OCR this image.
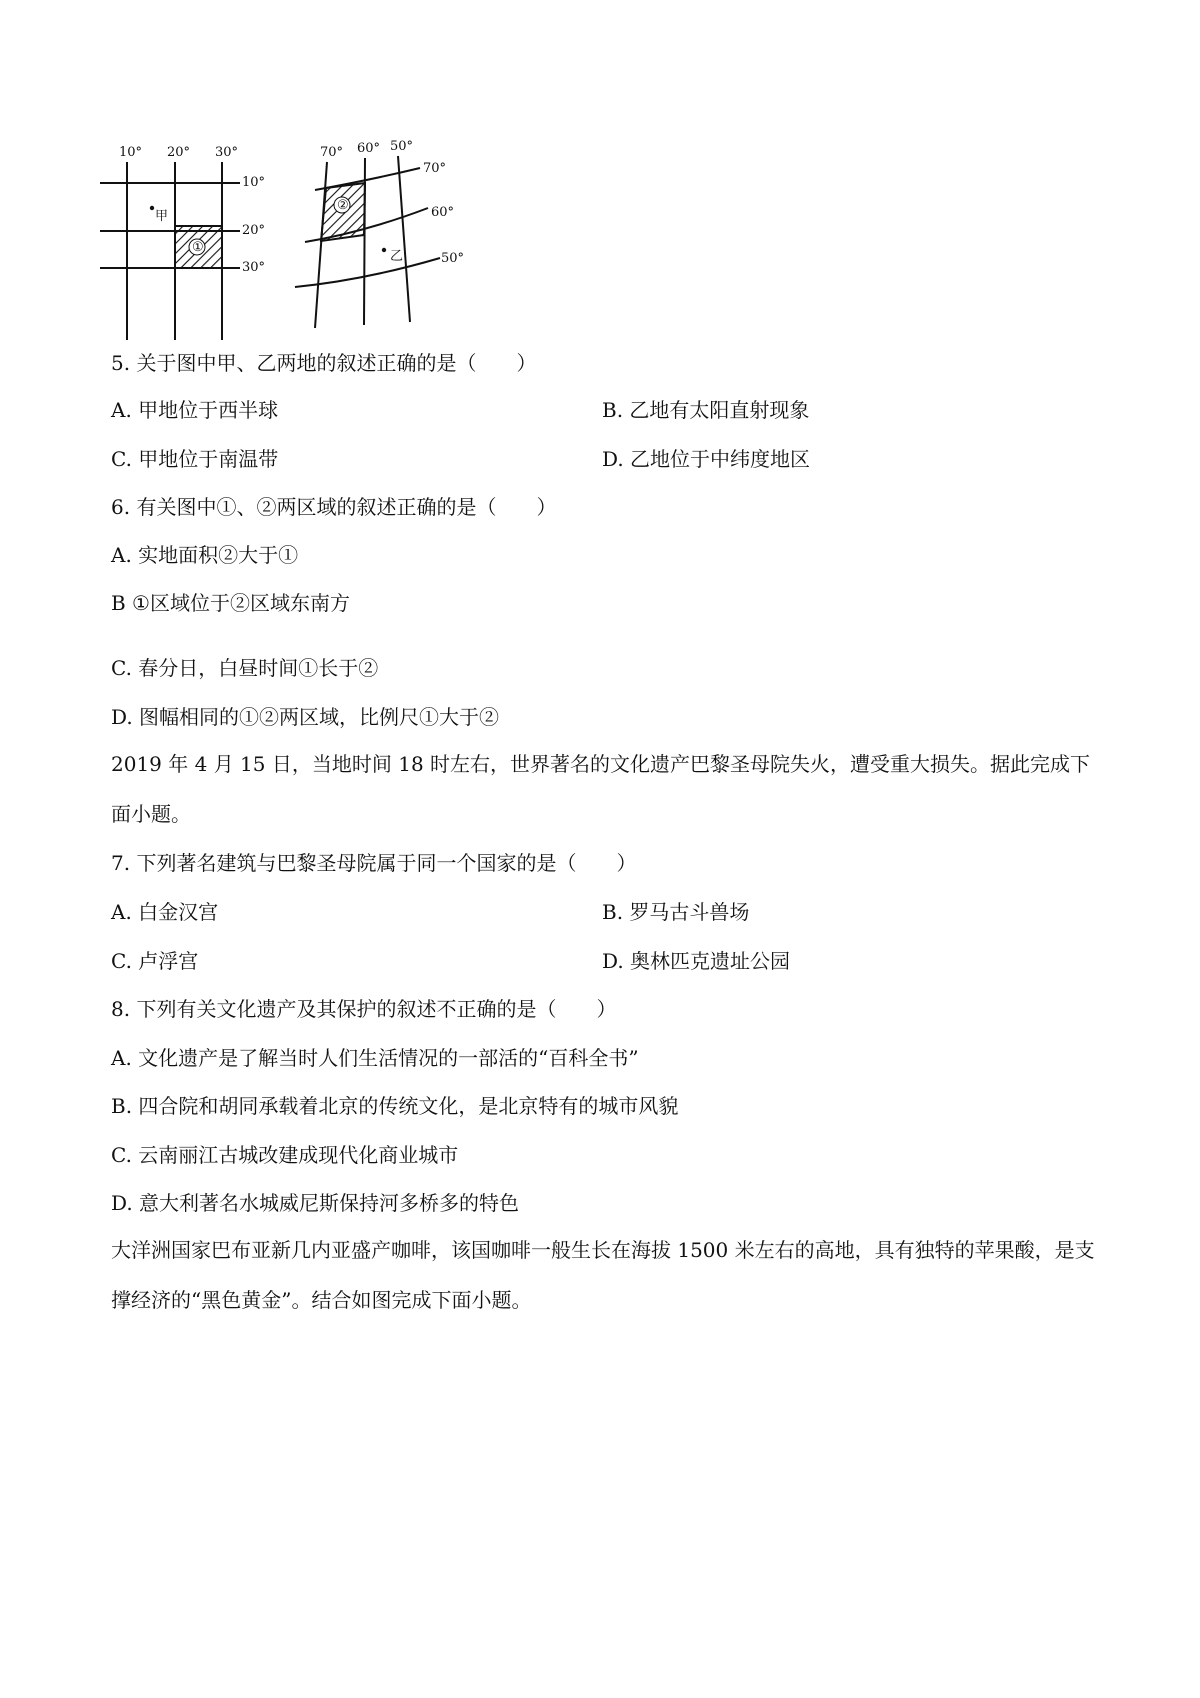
10° 20° 30°
10°
20°
30°
①
甲
70° 60° 50°
70°
60°
50°
②
乙
5. 关于图中甲、乙两地的叙述正确的是（　　）
A. 甲地位于西半球	B. 乙地有太阳直射现象
C. 甲地位于南温带	D. 乙地位于中纬度地区
6. 有关图中①、②两区域的叙述正确的是（　　）
A. 实地面积②大于①
B ①区域位于②区域东南方
C. 春分日，白昼时间①长于②
D. 图幅相同的①②两区域，比例尺①大于②
2019 年 4 月 15 日，当地时间 18 时左右，世界著名的文化遗产巴黎圣母院失火，遭受重大损失。据此完成下面小题。
7. 下列著名建筑与巴黎圣母院属于同一个国家的是（　　）
A. 白金汉宫	B. 罗马古斗兽场
C. 卢浮宫	D. 奥林匹克遗址公园
8. 下列有关文化遗产及其保护的叙述不正确的是（　　）
A. 文化遗产是了解当时人们生活情况的一部活的“百科全书”
B. 四合院和胡同承载着北京的传统文化，是北京特有的城市风貌
C. 云南丽江古城改建成现代化商业城市
D. 意大利著名水城威尼斯保持河多桥多的特色
大洋洲国家巴布亚新几内亚盛产咖啡，该国咖啡一般生长在海拔 1500 米左右的高地，具有独特的苹果酸，是支撑经济的“黑色黄金”。结合如图完成下面小题。
